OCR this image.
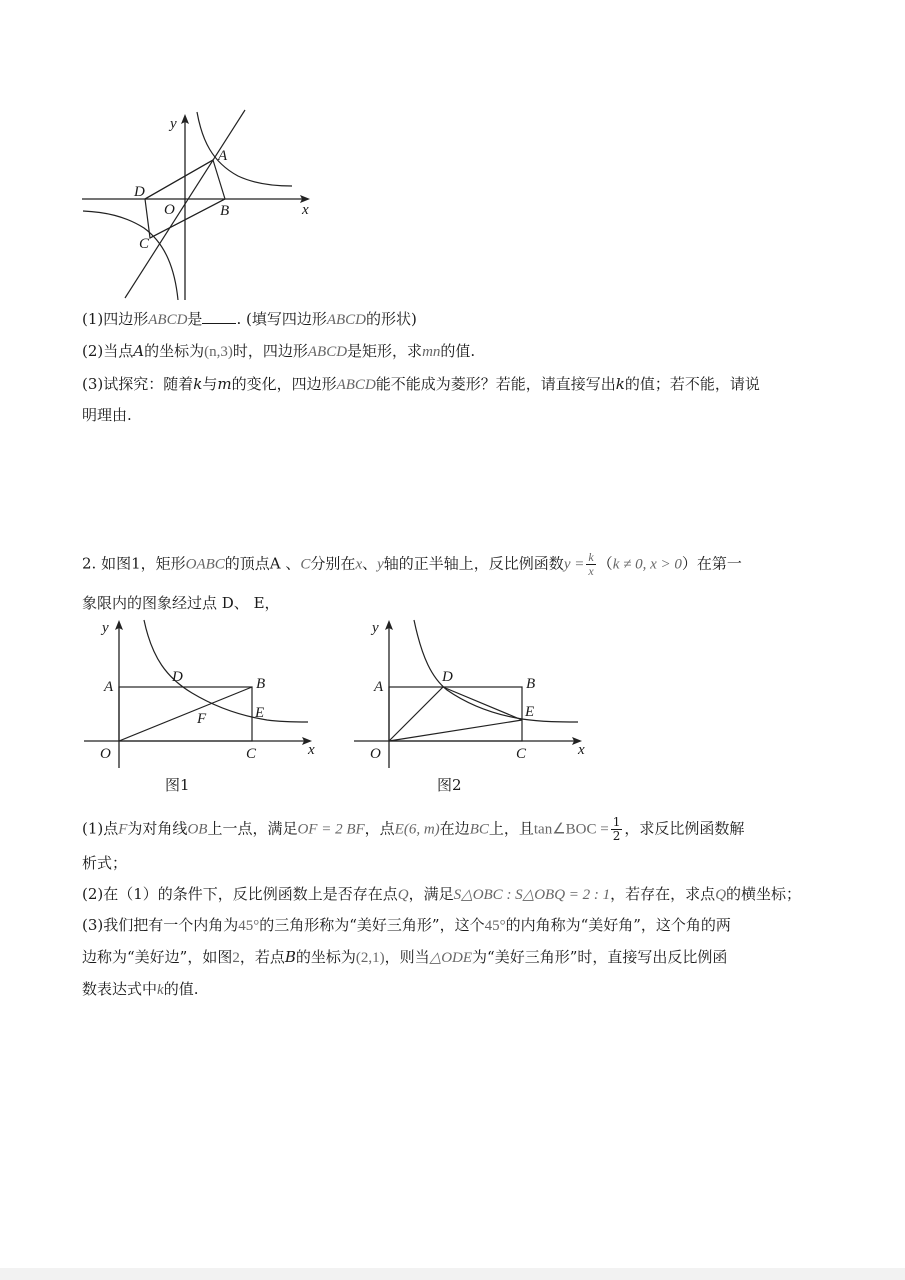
y
x
A
B
C
D
O
(1)四边形ABCD是 . (填写四边形ABCD的形状)
(2)当点A的坐标为(n,3)时，四边形ABCD是矩形，求mn的值.
(3)试探究：随着k与m的变化，四边形ABCD能不能成为菱形？若能，请直接写出k的值；若不能，请说
明理由.
2. 如图1，矩形OABC的顶点A 、C分别在x、y轴的正半轴上，反比例函数$y = \frac{k}{x} (k \ne 0$, x > 0）在第一
象限内的图象经过点 D、 E，
y
x
A	B
C
D
E
F
O
y
x
A	B
C
D
E
O
图1	图2
(1)点F为对角线OB上一点，满足OF = 2 BF，点E(6, m)在边BC上，且tan∠BOC = $\frac{1}{2}$ ，求反比例函数解
析式；
(2)在（1）的条件下，反比例函数上是否存在点Q，满足S△OBC : S△OBQ = 2 : 1，若存在，求点Q的横坐标；
(3)我们把有一个内角为45°的三角形称为“美好三角形”，这个45°的内角称为“美好角”，这个角的两
边称为“美好边”，如图2，若点B的坐标为(2,1)，则当△ODE为“美好三角形”时，直接写出反比例函
数表达式中k的值.
